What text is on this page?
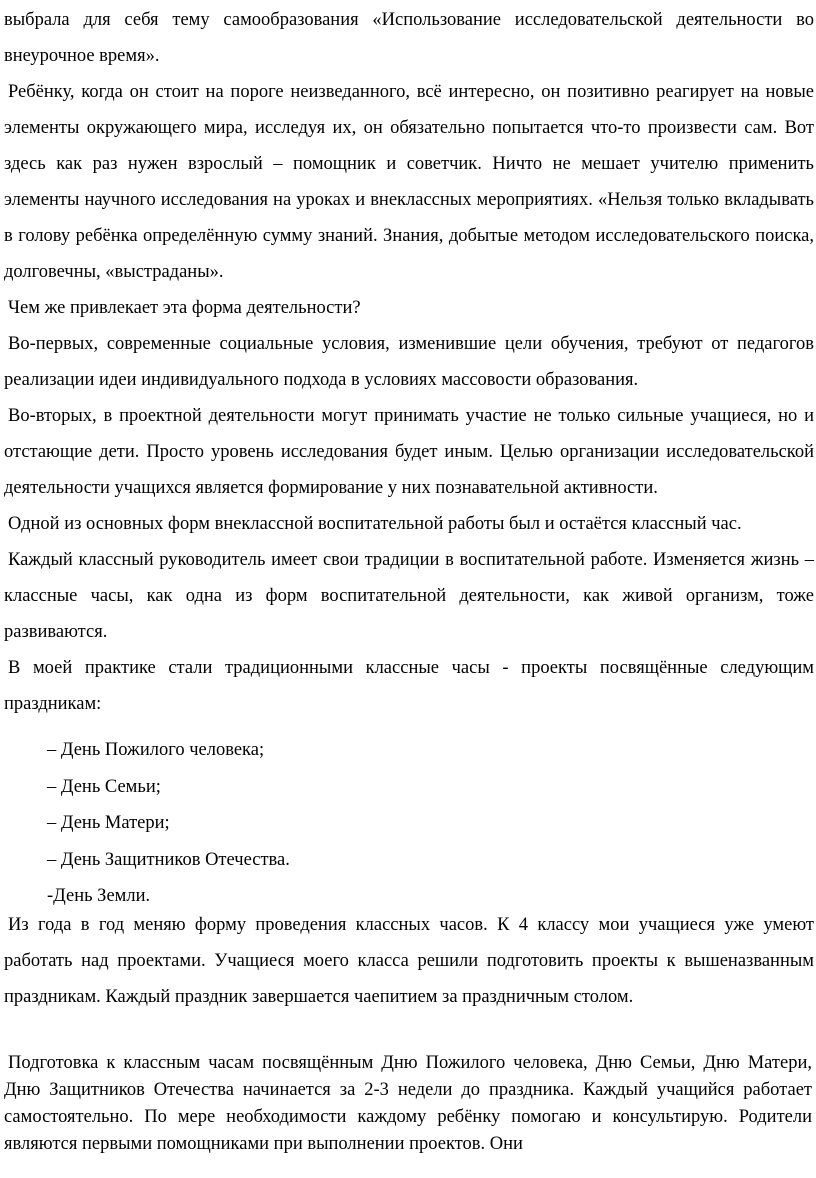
выбрала для себя тему самообразования «Использование исследовательской деятельности во внеурочное время».

Ребёнку, когда он стоит на пороге неизведанного, всё интересно, он позитивно реагирует на новые элементы окружающего мира, исследуя их, он обязательно попытается что-то произвести сам. Вот здесь как раз нужен взрослый – помощник и советчик. Ничто не мешает учителю применить элементы научного исследования на уроках и внеклассных мероприятиях. «Нельзя только вкладывать в голову ребёнка определённую сумму знаний. Знания, добытые методом исследовательского поиска, долговечны, «выстраданы».

Чем же привлекает эта форма деятельности?

Во-первых, современные социальные условия, изменившие цели обучения, требуют от педагогов реализации идеи индивидуального подхода в условиях массовости образования.

Во-вторых, в проектной деятельности могут принимать участие не только сильные учащиеся, но и отстающие дети. Просто уровень исследования будет иным. Целью организации исследовательской деятельности учащихся является формирование у них познавательной активности.

Одной из основных форм внеклассной воспитательной работы был и остаётся классный час.

Каждый классный руководитель имеет свои традиции в воспитательной работе. Изменяется жизнь – классные часы, как одна из форм воспитательной деятельности, как живой организм, тоже развиваются.

В моей практике стали традиционными классные часы - проекты посвящённые следующим праздникам:

– День Пожилого человека;
– День Семьи;
– День Матери;
– День Защитников Отечества.
-День Земли.

Из года в год меняю форму проведения классных часов. К 4 классу мои учащиеся уже умеют работать над проектами. Учащиеся моего класса решили подготовить проекты к вышеназванным праздникам. Каждый праздник завершается чаепитием за праздничным столом.

Подготовка к классным часам посвящённым Дню Пожилого человека, Дню Семьи, Дню Матери, Дню Защитников Отечества начинается за 2-3 недели до праздника. Каждый учащийся работает самостоятельно. По мере необходимости каждому ребёнку помогаю и консультирую. Родители являются первыми помощниками при выполнении проектов. Они
